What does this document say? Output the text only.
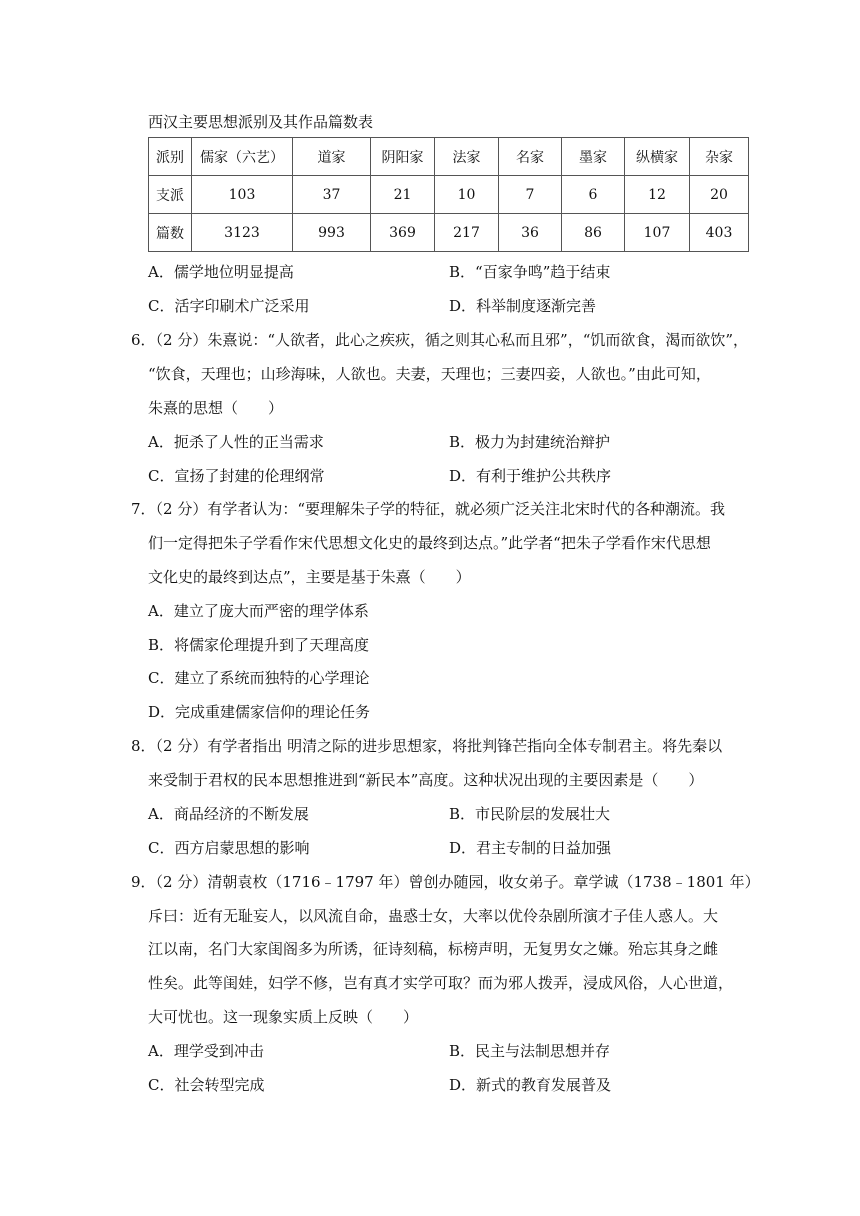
西汉主要思想派别及其作品篇数表
派别	儒家（六艺）	道家	阴阳家	法家	名家	墨家	纵横家	杂家
支派	103	37	21	10	7	6	12	20
篇数	3123	993	369	217	36	86	107	403
A．儒学地位明显提高	B．“百家争鸣”趋于结束
C．活字印刷术广泛采用	D．科举制度逐渐完善
6．（2 分）朱熹说：“人欲者，此心之疾疢，循之则其心私而且邪”，“饥而欲食，渴而欲饮”，
“饮食，天理也；山珍海味，人欲也。夫妻，天理也；三妻四妾，人欲也。”由此可知，
朱熹的思想（　　）
A．扼杀了人性的正当需求	B．极力为封建统治辩护
C．宣扬了封建的伦理纲常	D．有利于维护公共秩序
7．（2 分）有学者认为：“要理解朱子学的特征，就必须广泛关注北宋时代的各种潮流。我
们一定得把朱子学看作宋代思想文化史的最终到达点。”此学者“把朱子学看作宋代思想
文化史的最终到达点”，主要是基于朱熹（　　）
A．建立了庞大而严密的理学体系
B．将儒家伦理提升到了天理高度
C．建立了系统而独特的心学理论
D．完成重建儒家信仰的理论任务
8．（2 分）有学者指出 明清之际的进步思想家，将批判锋芒指向全体专制君主。将先秦以
来受制于君权的民本思想推进到“新民本”高度。这种状况出现的主要因素是（　　）
A．商品经济的不断发展	B．市民阶层的发展壮大
C．西方启蒙思想的影响	D．君主专制的日益加强
9．（2 分）清朝袁枚（1716﹣1797 年）曾创办随园，收女弟子。章学诚（1738﹣1801 年）
斥曰：近有无耻妄人，以风流自命，蛊惑士女，大率以优伶杂剧所演才子佳人惑人。大
江以南，名门大家闺阁多为所诱，征诗刻稿，标榜声明，无复男女之嫌。殆忘其身之雌
性矣。此等闺娃，妇学不修，岂有真才实学可取？而为邪人拨弄，浸成风俗，人心世道，
大可忧也。这一现象实质上反映（　　）
A．理学受到冲击	B．民主与法制思想并存
C．社会转型完成	D．新式的教育发展普及
